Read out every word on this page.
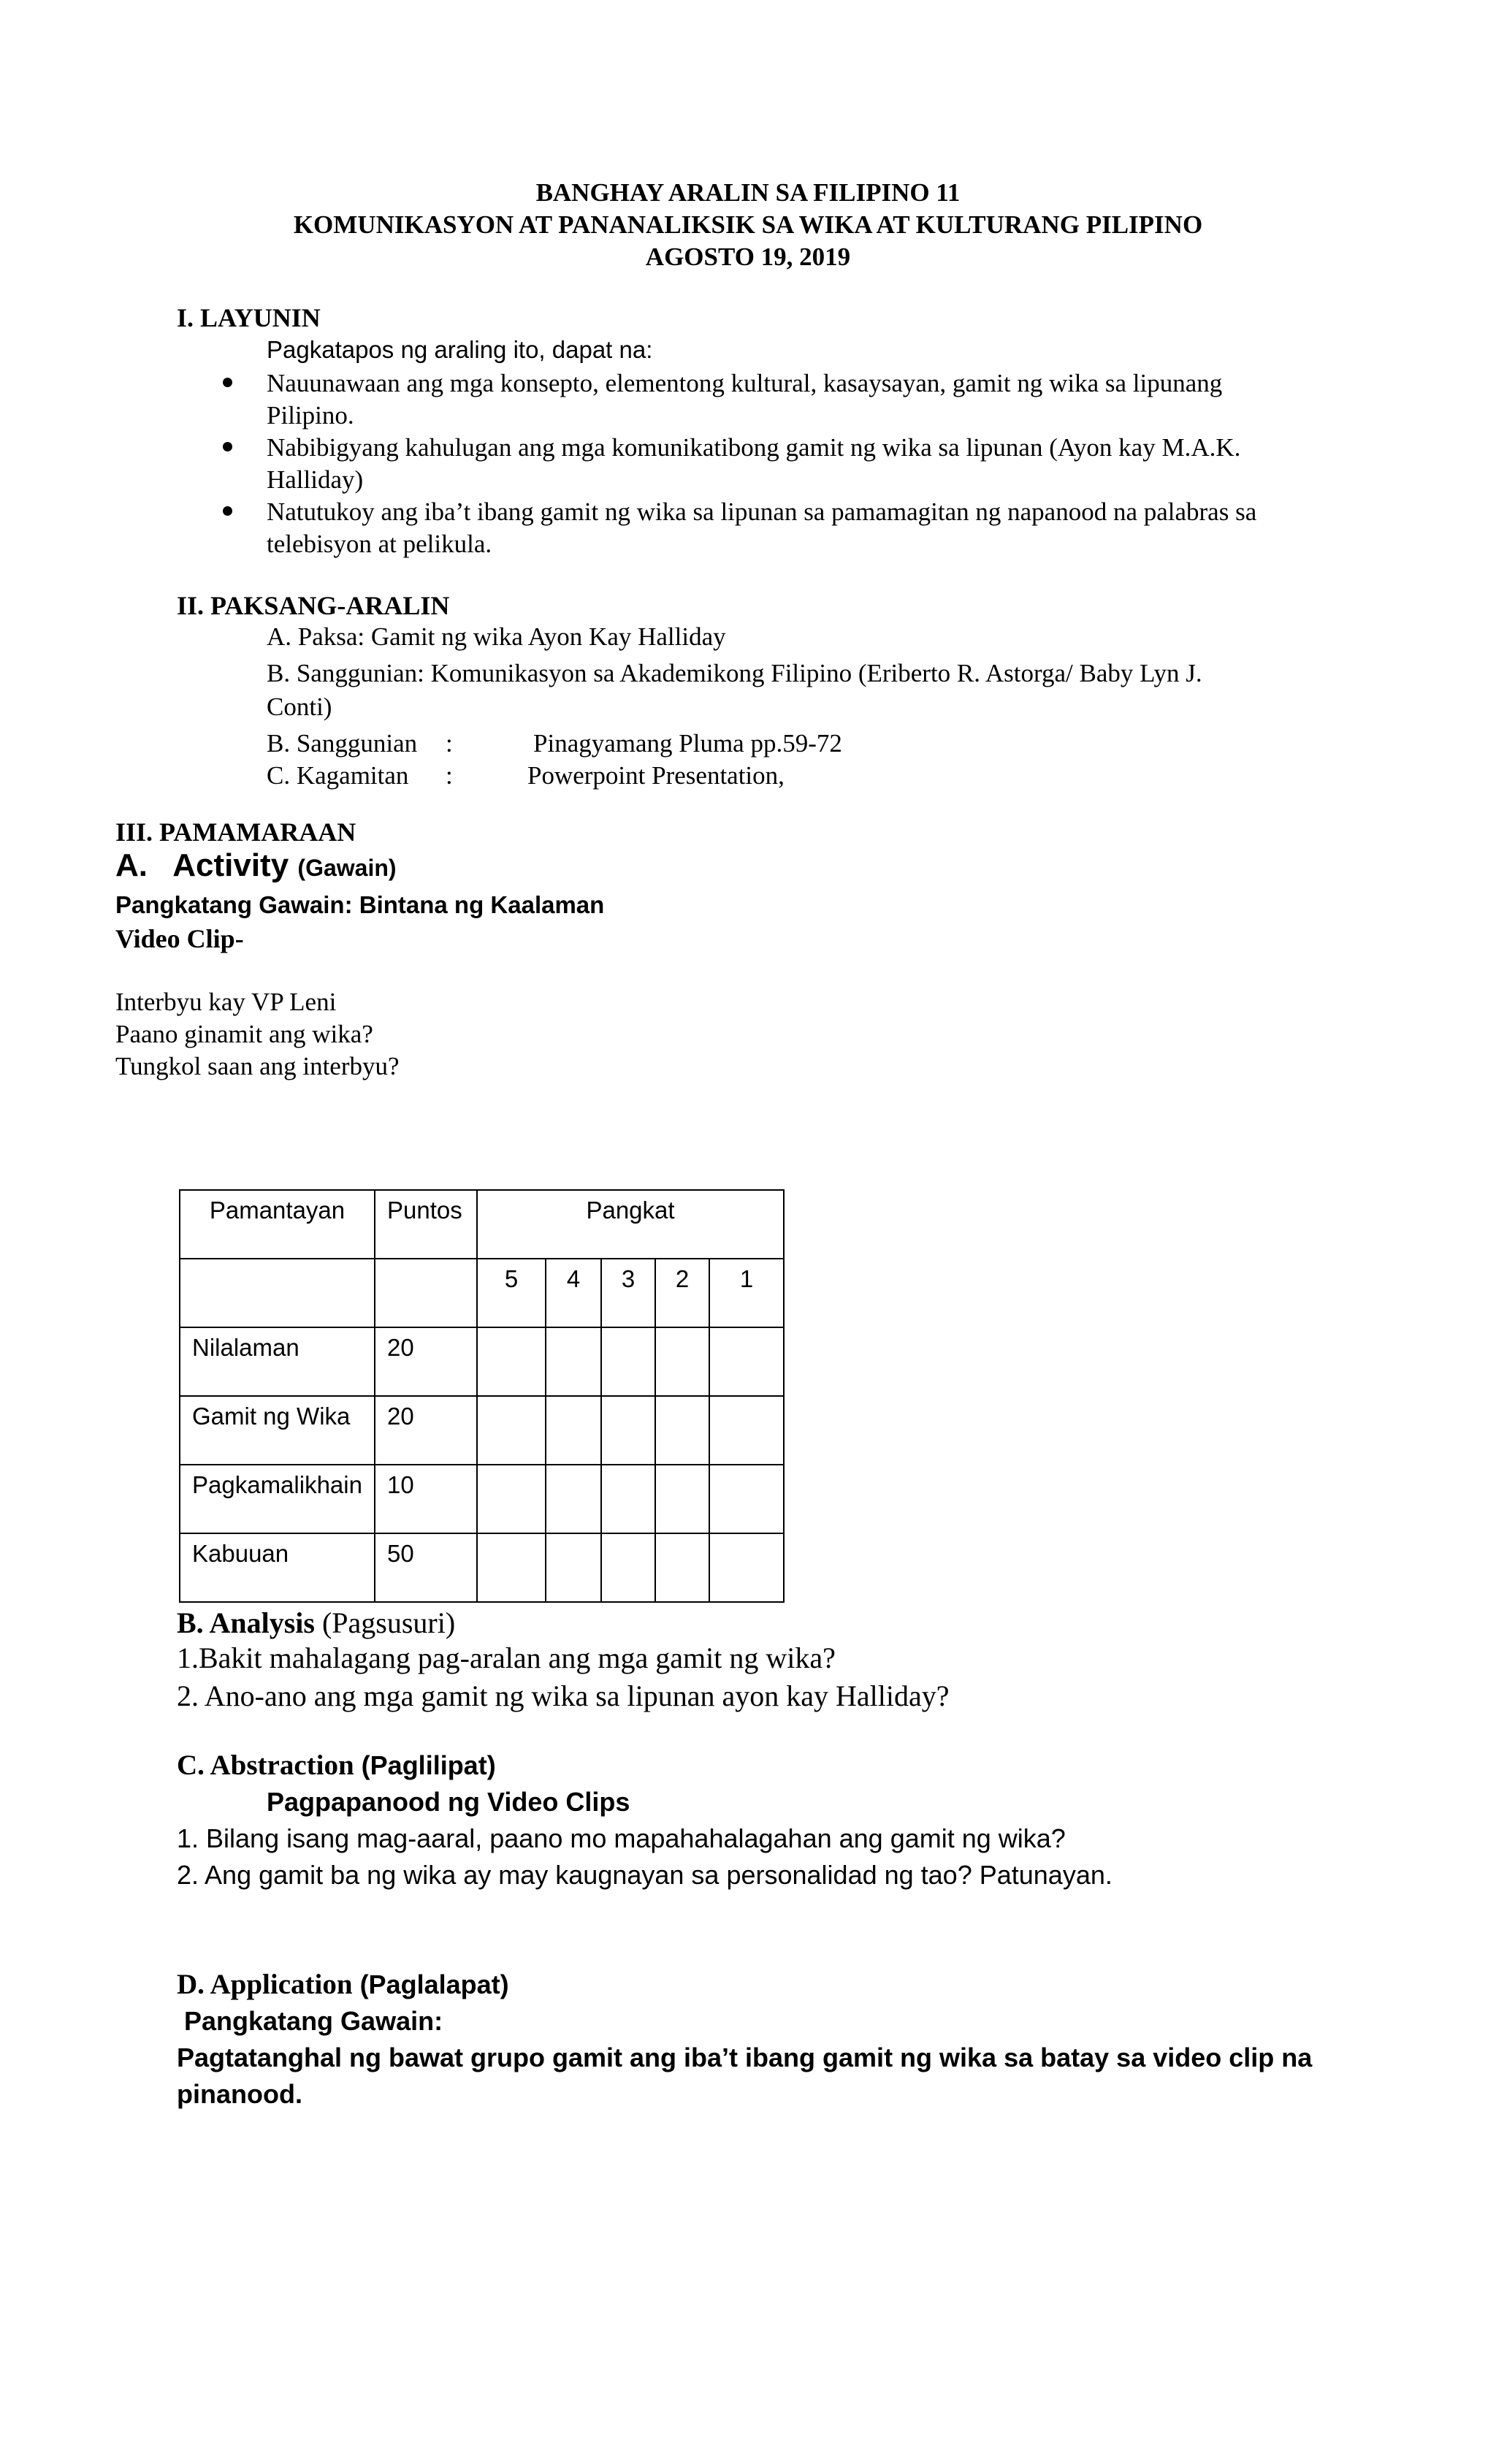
BANGHAY ARALIN SA FILIPINO 11
KOMUNIKASYON AT PANANALIKSIK SA WIKA AT KULTURANG PILIPINO
AGOSTO 19, 2019
I. LAYUNIN
Pagkatapos ng araling ito, dapat na:
Nauunawaan ang mga konsepto, elementong kultural, kasaysayan, gamit ng wika sa lipunang
Pilipino.
Nabibigyang kahulugan ang mga komunikatibong gamit ng wika sa lipunan (Ayon kay M.A.K.
Halliday)
Natutukoy ang iba’t ibang gamit ng wika sa lipunan sa pamamagitan ng napanood na palabras sa
telebisyon at pelikula.
II. PAKSANG-ARALIN
A. Paksa: Gamit ng wika Ayon Kay Halliday
B. Sanggunian: Komunikasyon sa Akademikong Filipino (Eriberto R. Astorga/ Baby Lyn J.
Conti)
B. Sanggunian :	Pinagyamang Pluma pp.59-72
C. Kagamitan :	Powerpoint Presentation,
III. PAMAMARAAN
A. Activity (Gawain)
Pangkatang Gawain: Bintana ng Kaalaman
Video Clip-
Interbyu kay VP Leni
Paano ginamit ang wika?
Tungkol saan ang interbyu?
Pamantayan	Puntos	Pangkat				
		5	4	3	2	1
Nilalaman	20					
Gamit ng Wika	20					
Pagkamalikhain	10					
Kabuuan	50					
B. Analysis (Pagsusuri)
1.Bakit mahalagang pag-aralan ang mga gamit ng wika?
2. Ano-ano ang mga gamit ng wika sa lipunan ayon kay Halliday?
C. Abstraction (Paglilipat)
Pagpapanood ng Video Clips
1. Bilang isang mag-aaral, paano mo mapahahalagahan ang gamit ng wika?
2. Ang gamit ba ng wika ay may kaugnayan sa personalidad ng tao? Patunayan.
D. Application (Paglalapat)
Pangkatang Gawain:
Pagtatanghal ng bawat grupo gamit ang iba’t ibang gamit ng wika sa batay sa video clip na
pinanood.
